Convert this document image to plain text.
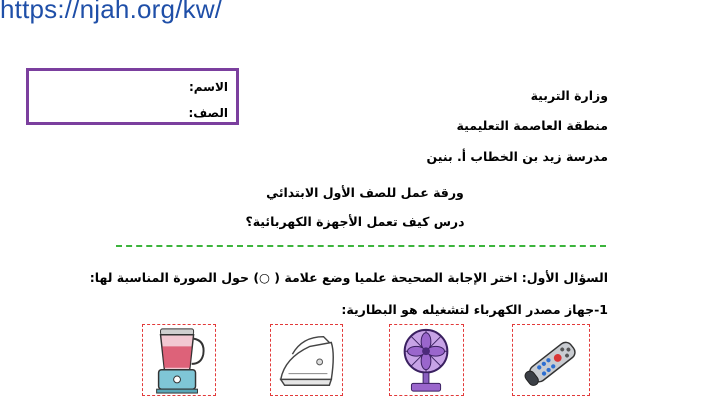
https://njah.org/kw/
الاسم:
الصف:
وزارة التربية
منطقة العاصمة التعليمية
مدرسة زيد بن الخطاب أ. بنين
ورقة عمل للصف الأول الابتدائي
درس كيف تعمل الأجهزة الكهربائية؟
السؤال الأول: اختر الإجابة الصحيحة علميا وضع علامة ( ○) حول الصورة المناسبة لها:
1-جهاز مصدر الكهرباء لتشغيله هو البطارية:
